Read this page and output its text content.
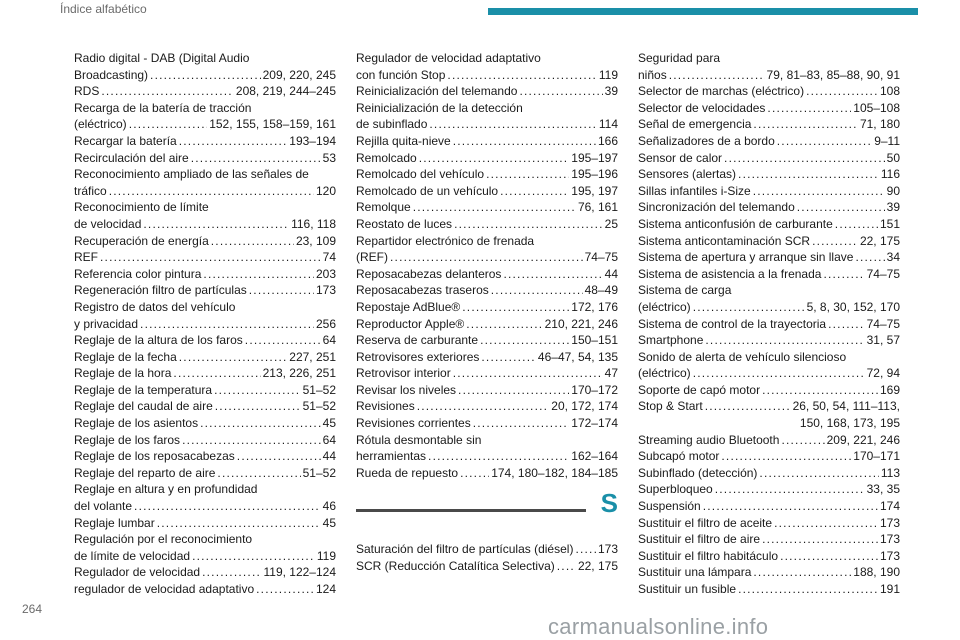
Índice alfabético
Radio digital - DAB (Digital Audio
Broadcasting) .....	209, 220, 245
RDS .....	208, 219, 244–245
Recarga de la batería de tracción
(eléctrico) .....	152, 155, 158–159, 161
Recargar la batería .....	193–194
Recirculación del aire .....	53
Reconocimiento ampliado de las señales de
tráfico .....	120
Reconocimiento de límite
de velocidad .....	116, 118
Recuperación de energía .....	23, 109
REF .....	74
Referencia color pintura .....	203
Regeneración filtro de partículas .....	173
Registro de datos del vehículo
y privacidad .....	256
Reglaje de la altura de los faros .....	64
Reglaje de la fecha .....	227, 251
Reglaje de la hora .....	213, 226, 251
Reglaje de la temperatura .....	51–52
Reglaje del caudal de aire .....	51–52
Reglaje de los asientos .....	45
Reglaje de los faros .....	64
Reglaje de los reposacabezas .....	44
Reglaje del reparto de aire .....	51–52
Reglaje en altura y en profundidad
del volante .....	46
Reglaje lumbar .....	45
Regulación por el reconocimiento
de límite de velocidad .....	119
Regulador de velocidad .....	119, 122–124
regulador de velocidad adaptativo .....	124
Regulador de velocidad adaptativo
con función Stop .....	119
Reinicialización del telemando .....	39
Reinicialización de la detección
de subinflado .....	114
Rejilla quita-nieve .....	166
Remolcado .....	195–197
Remolcado del vehículo .....	195–196
Remolcado de un vehículo .....	195, 197
Remolque .....	76, 161
Reostato de luces .....	25
Repartidor electrónico de frenada
(REF) .....	74–75
Reposacabezas delanteros .....	44
Reposacabezas traseros .....	48–49
Repostaje AdBlue® .....	172, 176
Reproductor Apple® .....	210, 221, 246
Reserva de carburante .....	150–151
Retrovisores exteriores .....	46–47, 54, 135
Retrovisor interior .....	47
Revisar los niveles .....	170–172
Revisiones .....	20, 172, 174
Revisiones corrientes .....	172–174
Rótula desmontable sin
herramientas .....	162–164
Rueda de repuesto .....	174, 180–182, 184–185
S
Saturación del filtro de partículas (diésel) ..... 173
SCR (Reducción Catalítica Selectiva) ..... 22, 175
Seguridad para
niños .....	79, 81–83, 85–88, 90, 91
Selector de marchas (eléctrico) .....	108
Selector de velocidades .....	105–108
Señal de emergencia .....	71, 180
Señalizadores de a bordo .....	9–11
Sensor de calor .....	50
Sensores (alertas) .....	116
Sillas infantiles i-Size .....	90
Sincronización del telemando .....	39
Sistema anticonfusión de carburante .....	151
Sistema anticontaminación SCR .....	22, 175
Sistema de apertura y arranque sin llave .....	34
Sistema de asistencia a la frenada .....	74–75
Sistema de carga
(eléctrico) .....	5, 8, 30, 152, 170
Sistema de control de la trayectoria .....	74–75
Smartphone .....	31, 57
Sonido de alerta de vehículo silencioso
(eléctrico) .....	72, 94
Soporte de capó motor .....	169
Stop & Start .....	26, 50, 54, 111–113,
150, 168, 173, 195
Streaming audio Bluetooth .....	209, 221, 246
Subcapó motor .....	170–171
Subinflado (detección) .....	113
Superbloqueo .....	33, 35
Suspensión .....	174
Sustituir el filtro de aceite .....	173
Sustituir el filtro de aire .....	173
Sustituir el filtro habitáculo .....	173
Sustituir una lámpara .....	188, 190
Sustituir un fusible .....	191
264
carmanualsonline.info
